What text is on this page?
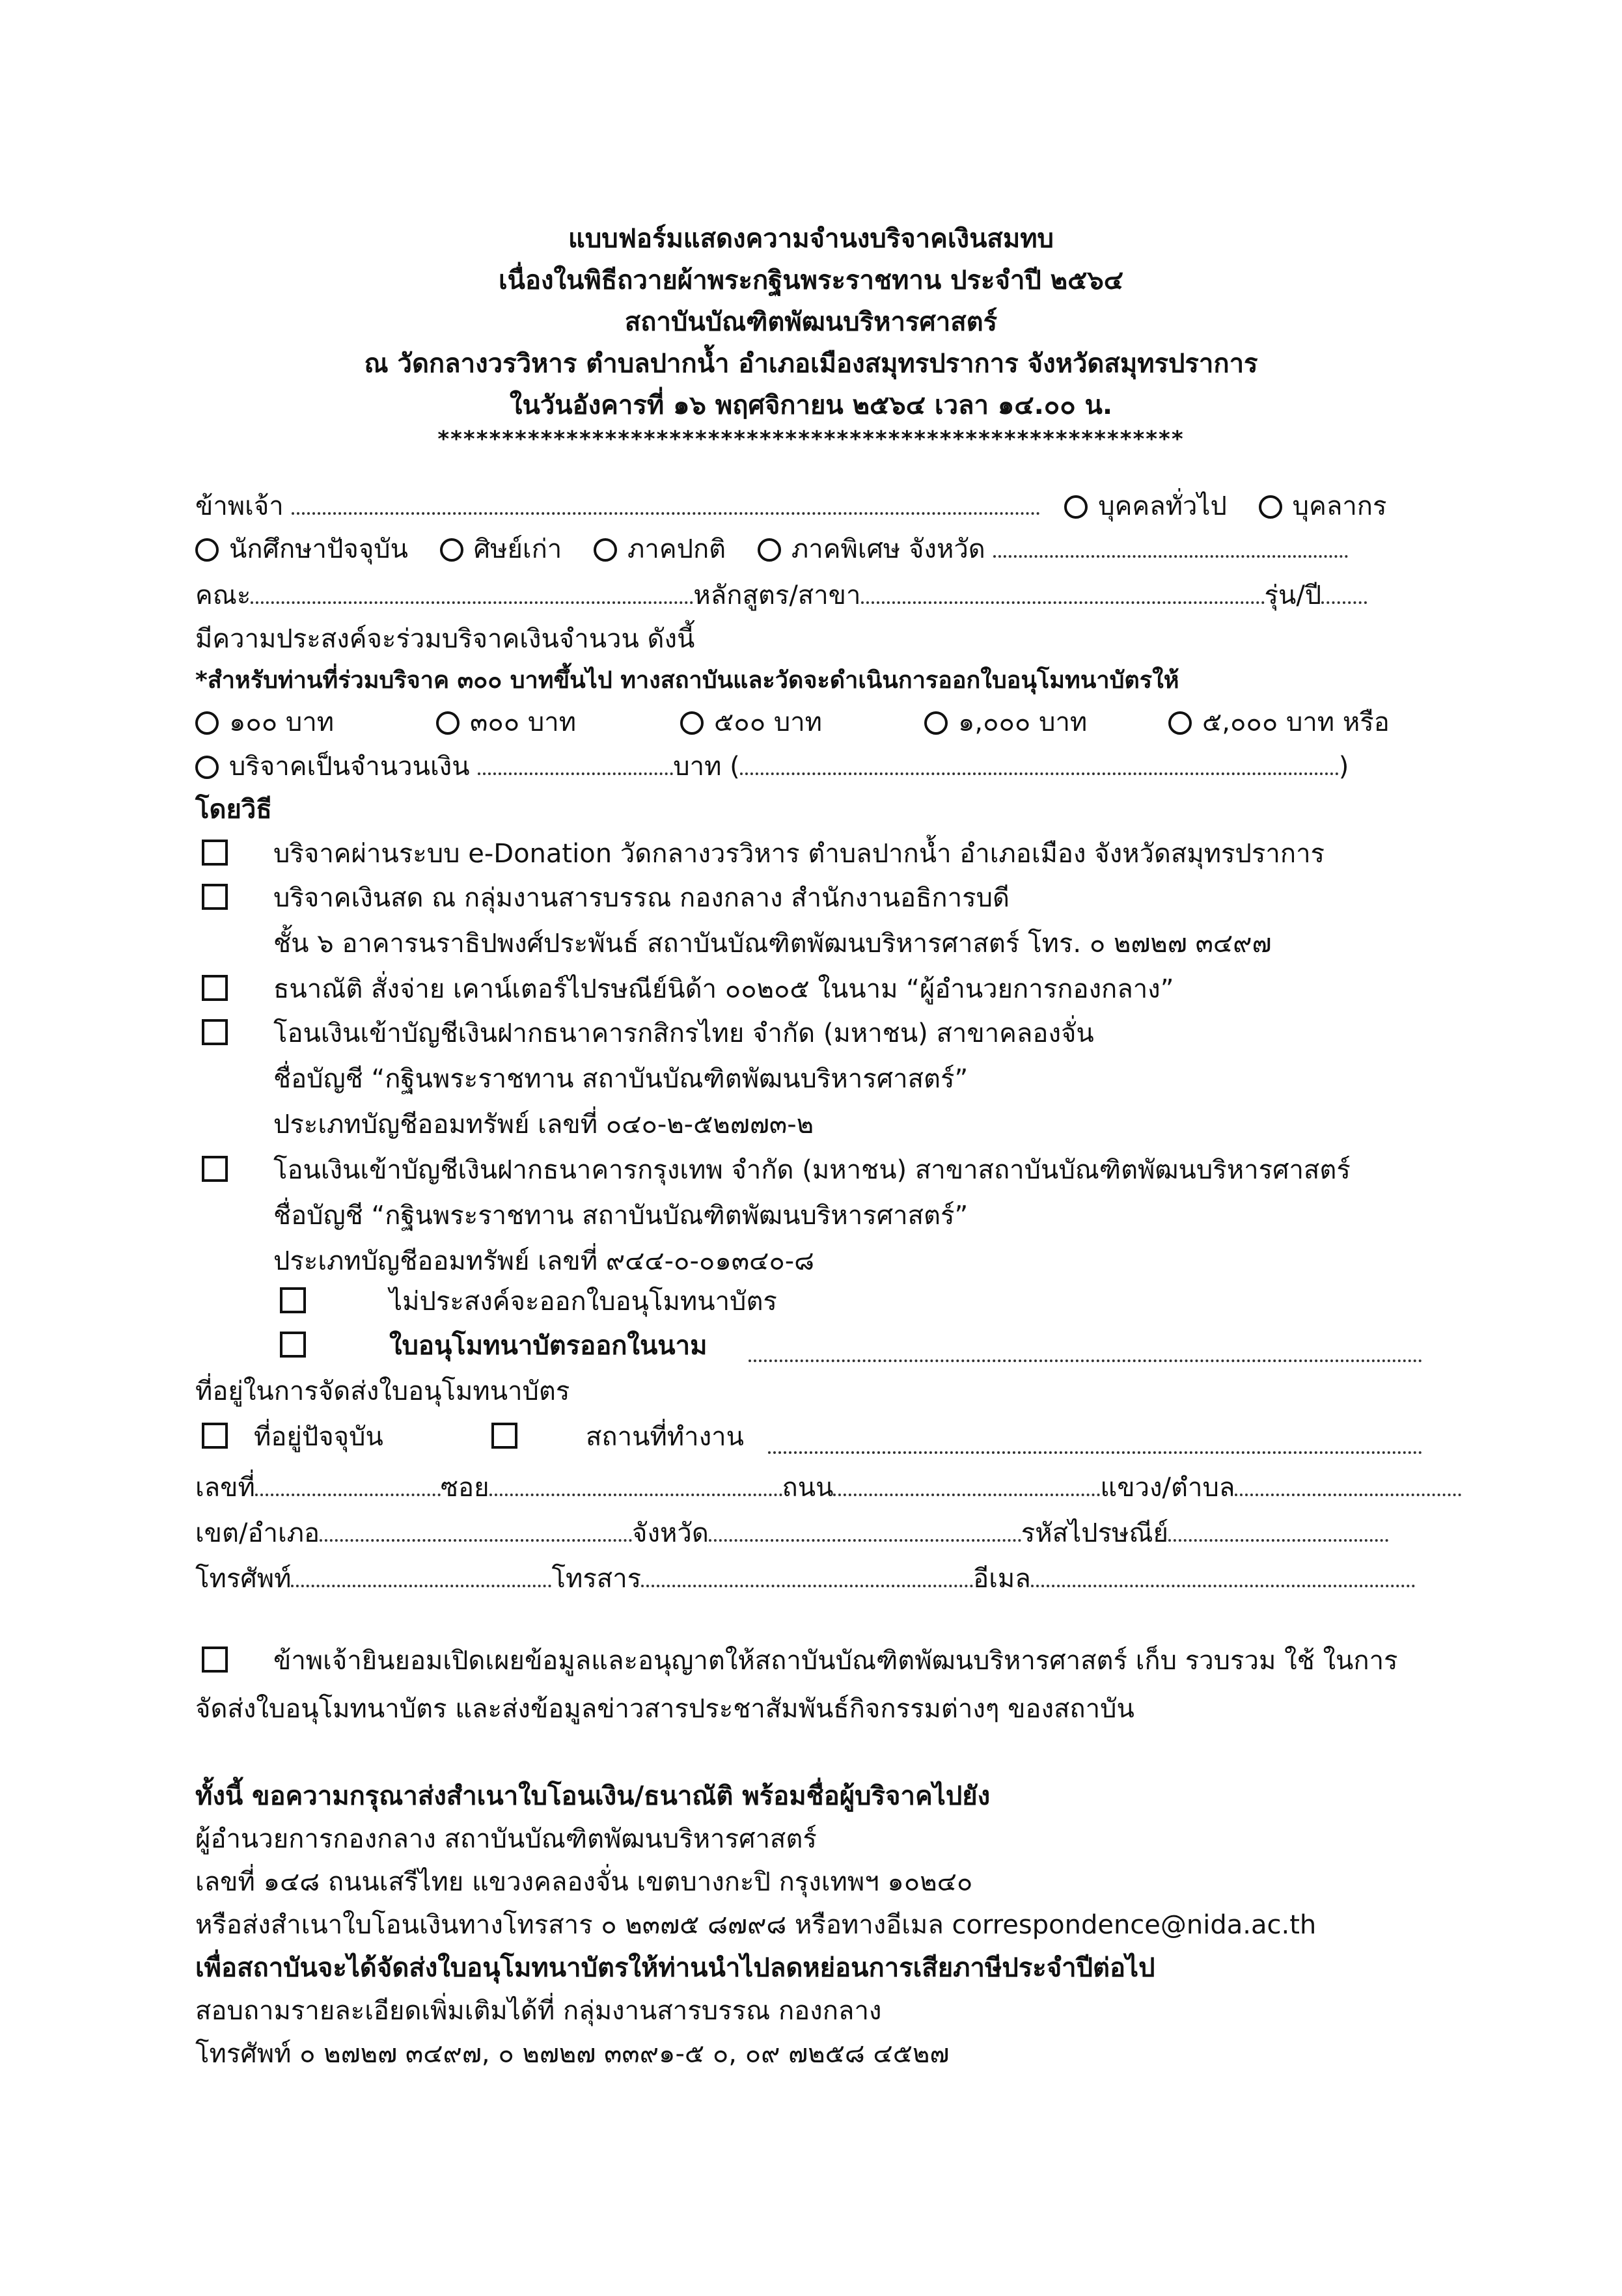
แบบฟอร์มแสดงความจำนงบริจาคเงินสมทบ
เนื่องในพิธีถวายผ้าพระกฐินพระราชทาน ประจำปี ๒๕๖๔
สถาบันบัณฑิตพัฒนบริหารศาสตร์
ณ วัดกลางวรวิหาร ตำบลปากน้ำ อำเภอเมืองสมุทรปราการ จังหวัดสมุทรปราการ
ในวันอังคารที่ ๑๖ พฤศจิกายน ๒๕๖๔ เวลา ๑๔.๐๐ น.
**********************************************************
ข้าพเจ้า	บุคคลทั่วไป	บุคลากร
นักศึกษาปัจจุบัน	ศิษย์เก่า	ภาคปกติ	ภาคพิเศษ จังหวัด
คณะ	หลักสูตร/สาขา	รุ่น/ปี
มีความประสงค์จะร่วมบริจาคเงินจำนวน ดังนี้
*สำหรับท่านที่ร่วมบริจาค ๓๐๐ บาทขึ้นไป ทางสถาบันและวัดจะดำเนินการออกใบอนุโมทนาบัตรให้
๑๐๐ บาท	๓๐๐ บาท	๕๐๐ บาท	๑,๐๐๐ บาท	๕,๐๐๐ บาท หรือ
บริจาคเป็นจำนวนเงิน	บาท (	)
โดยวิธี
บริจาคผ่านระบบ e-Donation วัดกลางวรวิหาร ตำบลปากน้ำ อำเภอเมือง จังหวัดสมุทรปราการ
บริจาคเงินสด ณ กลุ่มงานสารบรรณ กองกลาง สำนักงานอธิการบดี
ชั้น ๖ อาคารนราธิปพงศ์ประพันธ์ สถาบันบัณฑิตพัฒนบริหารศาสตร์ โทร. ๐ ๒๗๒๗ ๓๔๙๗
ธนาณัติ สั่งจ่าย เคาน์เตอร์ไปรษณีย์นิด้า ๐๐๒๐๕ ในนาม “ผู้อำนวยการกองกลาง”
โอนเงินเข้าบัญชีเงินฝากธนาคารกสิกรไทย จำกัด (มหาชน) สาขาคลองจั่น
ชื่อบัญชี “กฐินพระราชทาน สถาบันบัณฑิตพัฒนบริหารศาสตร์”
ประเภทบัญชีออมทรัพย์ เลขที่ ๐๔๐-๒-๕๒๗๗๓-๒
โอนเงินเข้าบัญชีเงินฝากธนาคารกรุงเทพ จำกัด (มหาชน) สาขาสถาบันบัณฑิตพัฒนบริหารศาสตร์
ชื่อบัญชี “กฐินพระราชทาน สถาบันบัณฑิตพัฒนบริหารศาสตร์”
ประเภทบัญชีออมทรัพย์ เลขที่ ๙๔๔-๐-๐๑๓๔๐-๘
ไม่ประสงค์จะออกใบอนุโมทนาบัตร
ใบอนุโมทนาบัตรออกในนาม
ที่อยู่ในการจัดส่งใบอนุโมทนาบัตร
ที่อยู่ปัจจุบัน	สถานที่ทำงาน
เลขที่	ซอย	ถนน	แขวง/ตำบล
เขต/อำเภอ	จังหวัด	รหัสไปรษณีย์
โทรศัพท์	โทรสาร	อีเมล
ข้าพเจ้ายินยอมเปิดเผยข้อมูลและอนุญาตให้สถาบันบัณฑิตพัฒนบริหารศาสตร์ เก็บ รวบรวม ใช้ ในการ
จัดส่งใบอนุโมทนาบัตร และส่งข้อมูลข่าวสารประชาสัมพันธ์กิจกรรมต่างๆ ของสถาบัน
ทั้งนี้ ขอความกรุณาส่งสำเนาใบโอนเงิน/ธนาณัติ พร้อมชื่อผู้บริจาคไปยัง
ผู้อำนวยการกองกลาง สถาบันบัณฑิตพัฒนบริหารศาสตร์
เลขที่ ๑๔๘ ถนนเสรีไทย แขวงคลองจั่น เขตบางกะปิ กรุงเทพฯ ๑๐๒๔๐
หรือส่งสำเนาใบโอนเงินทางโทรสาร ๐ ๒๓๗๕ ๘๗๙๘ หรือทางอีเมล correspondence@nida.ac.th
เพื่อสถาบันจะได้จัดส่งใบอนุโมทนาบัตรให้ท่านนำไปลดหย่อนการเสียภาษีประจำปีต่อไป
สอบถามรายละเอียดเพิ่มเติมได้ที่ กลุ่มงานสารบรรณ กองกลาง
โทรศัพท์ ๐ ๒๗๒๗ ๓๔๙๗, ๐ ๒๗๒๗ ๓๓๙๑-๕ ๐, ๐๙ ๗๒๕๘ ๔๕๒๗
